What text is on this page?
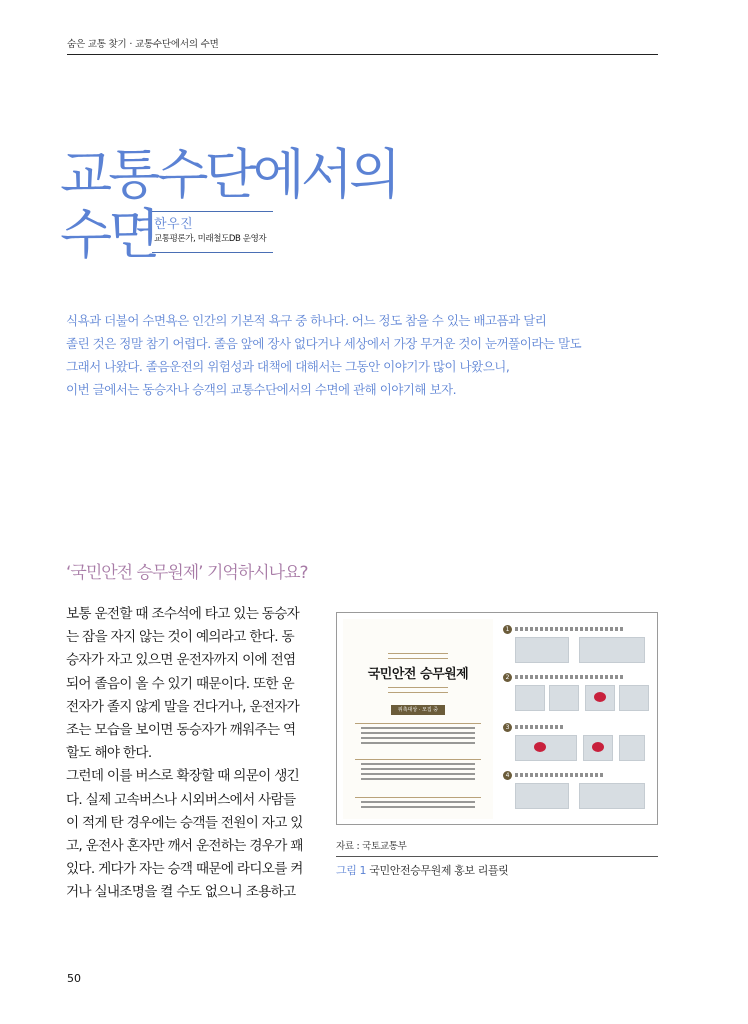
숨은 교통 찾기 · 교통수단에서의 수면
교통수단에서의
수면
한우진
교통평론가, 미래철도DB 운영자

식욕과 더불어 수면욕은 인간의 기본적 욕구 중 하나다. 어느 정도 참을 수 있는 배고픔과 달리

졸린 것은 정말 참기 어렵다. 졸음 앞에 장사 없다거나 세상에서 가장 무거운 것이 눈꺼풀이라는 말도

그래서 나왔다. 졸음운전의 위험성과 대책에 대해서는 그동안 이야기가 많이 나왔으니,

이번 글에서는 동승자나 승객의 교통수단에서의 수면에 관해 이야기해 보자.

‘국민안전 승무원제’ 기억하시나요?

보통 운전할 때 조수석에 타고 있는 동승자

는 잠을 자지 않는 것이 예의라고 한다. 동

승자가 자고 있으면 운전자까지 이에 전염

되어 졸음이 올 수 있기 때문이다. 또한 운

전자가 졸지 않게 말을 건다거나, 운전자가

조는 모습을 보이면 동승자가 깨워주는 역

할도 해야 한다.

그런데 이를 버스로 확장할 때 의문이 생긴

다. 실제 고속버스나 시외버스에서 사람들

이 적게 탄 경우에는 승객들 전원이 자고 있

고, 운전사 혼자만 깨서 운전하는 경우가 꽤

있다. 게다가 자는 승객 때문에 라디오를 켜

거나 실내조명을 켤 수도 없으니 조용하고

국민안전 승무원제
위촉대상 · 모집 중
1
2
3
4
자료 : 국토교통부
그림 1 국민안전승무원제 홍보 리플릿
50
